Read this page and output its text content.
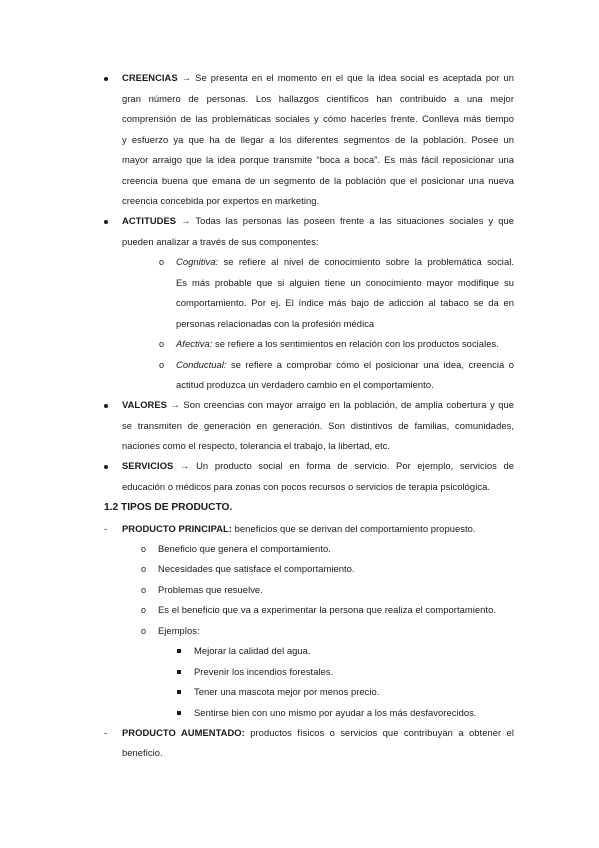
CREENCIAS → Se presenta en el momento en el que la idea social es aceptada por un
gran número de personas. Los hallazgos científicos han contribuido a una mejor
comprensión de las problemáticas sociales y cómo hacerles frente. Conlleva más tiempo
y esfuerzo ya que ha de llegar a los diferentes segmentos de la población. Posee un
mayor arraigo que la idea porque transmite “boca a boca”. Es más fácil reposicionar una
creencia buena que emana de un segmento de la población que el posicionar una nueva
creencia concebida por expertos en marketing.
ACTITUDES → Todas las personas las poseen frente a las situaciones sociales y que
pueden analizar a través de sus componentes:
o Cognitiva: se refiere al nivel de conocimiento sobre la problemática social.
Es más probable que si alguien tiene un conocimiento mayor modifique su
comportamiento. Por ej. El índice más bajo de adicción al tabaco se da en
personas relacionadas con la profesión médica
o Afectiva: se refiere a los sentimientos en relación con los productos sociales.
o Conductual: se refiere a comprobar cómo el posicionar una idea, creencia o
actitud produzca un verdadero cambio en el comportamiento.
VALORES → Son creencias con mayor arraigo en la población, de amplia cobertura y que
se transmiten de generación en generación. Son distintivos de familias, comunidades,
naciones como el respecto, tolerancia el trabajo, la libertad, etc.
SERVICIOS → Un producto social en forma de servicio. Por ejemplo, servicios de
educación o médicos para zonas con pocos recursos o servicios de terapia psicológica.
1.2 TIPOS DE PRODUCTO.
- PRODUCTO PRINCIPAL: beneficios que se derivan del comportamiento propuesto.
o Beneficio que genera el comportamiento.
o Necesidades que satisface el comportamiento.
o Problemas que resuelve.
o Es el beneficio que va a experimentar la persona que realiza el comportamiento.
o Ejemplos:
Mejorar la calidad del agua.
Prevenir los incendios forestales.
Tener una mascota mejor por menos precio.
Sentirse bien con uno mismo por ayudar a los más desfavorecidos.
- PRODUCTO AUMENTADO: productos físicos o servicios que contribuyan a obtener el
beneficio.
